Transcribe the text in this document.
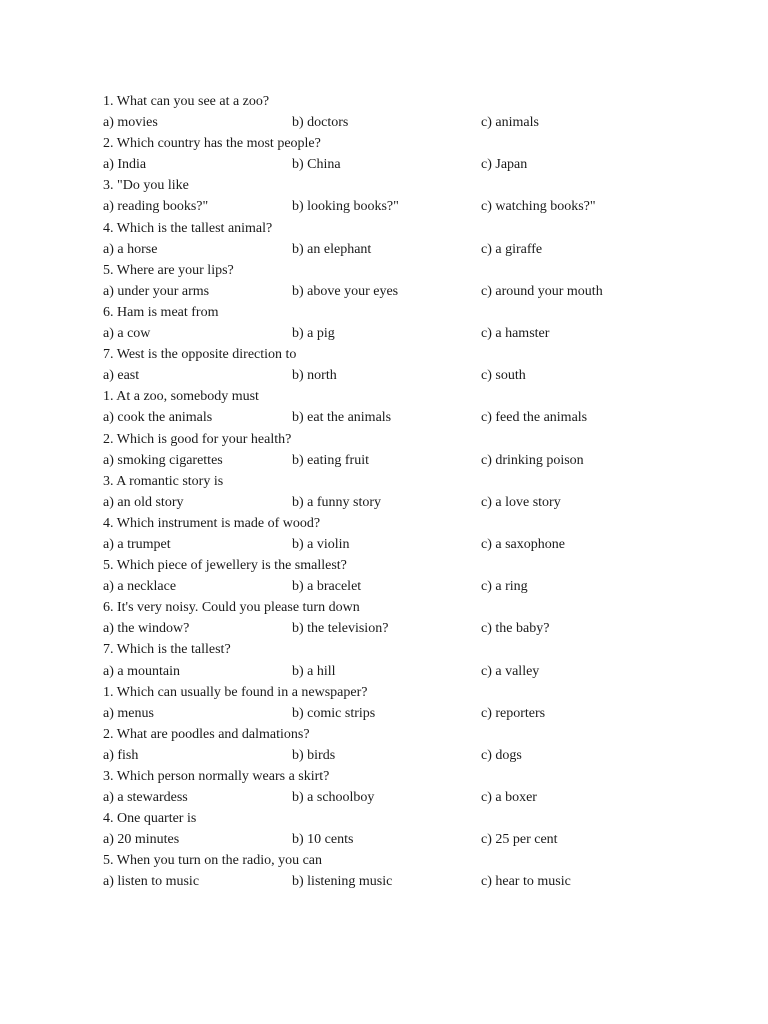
1. What can you see at a zoo?
a) movies	b) doctors	c) animals
2. Which country has the most people?
a) India	b) China	c) Japan
3. "Do you like
a) reading books?"	b) looking books?"	c) watching books?"
4. Which is the tallest animal?
a) a horse	b) an elephant	c) a giraffe
5. Where are your lips?
a) under your arms	b) above your eyes	c) around your mouth
6. Ham is meat from
a) a cow	b) a pig	c) a hamster
7. West is the opposite direction to
a) east	b) north	c) south
1. At a zoo, somebody must
a) cook the animals	b) eat the animals	c) feed the animals
2. Which is good for your health?
a) smoking cigarettes	b) eating fruit	c) drinking poison
3. A romantic story is
a) an old story	b) a funny story	c) a love story
4. Which instrument is made of wood?
a) a trumpet	b) a violin	c) a saxophone
5. Which piece of jewellery is the smallest?
a) a necklace	b) a bracelet	c) a ring
6. It's very noisy. Could you please turn down
a) the window?	b) the television?	c) the baby?
7. Which is the tallest?
a) a mountain	b) a hill	c) a valley
1. Which can usually be found in a newspaper?
a) menus	b) comic strips	c) reporters
2. What are poodles and dalmations?
a) fish	b) birds	c) dogs
3. Which person normally wears a skirt?
a) a stewardess	b) a schoolboy	c) a boxer
4. One quarter is
a) 20 minutes	b) 10 cents	c) 25 per cent
5. When you turn on the radio, you can
a) listen to music	b) listening music	c) hear to music
